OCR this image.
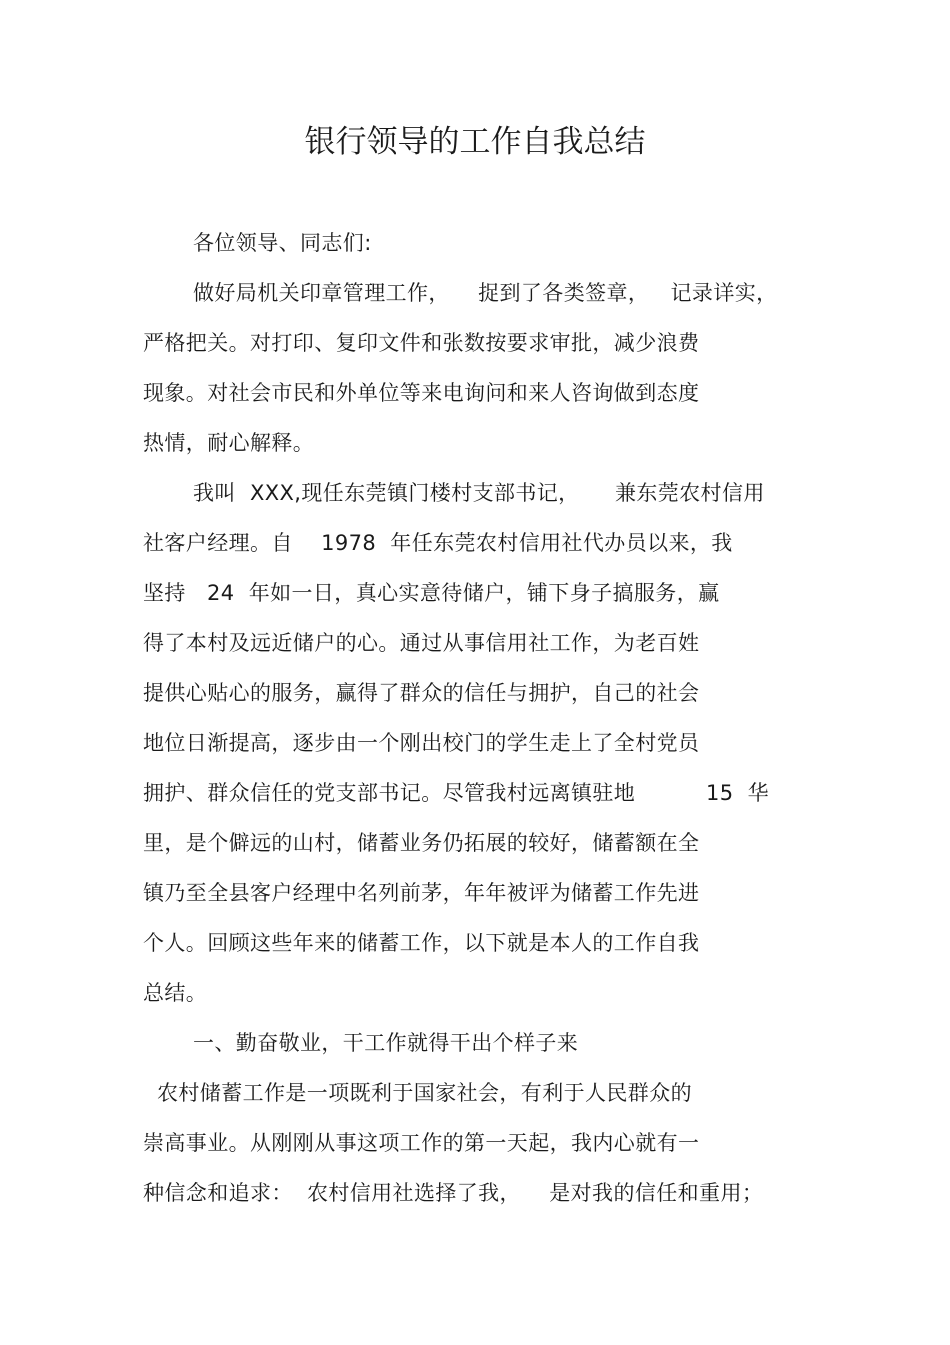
银行领导的工作自我总结
各位领导、同志们:
做好局机关印章管理工作，    捉到了各类签章，   记录详实，
严格把关。对打印、复印文件和张数按要求审批，减少浪费
现象。对社会市民和外单位等来电询问和来人咨询做到态度
热情，耐心解释。
我叫  XXX,现任东莞镇门楼村支部书记，     兼东莞农村信用
社客户经理。自    1978  年任东莞农村信用社代办员以来，我
坚持   24  年如一日，真心实意待储户，铺下身子搞服务，赢
得了本村及远近储户的心。通过从事信用社工作，为老百姓
提供心贴心的服务，赢得了群众的信任与拥护，自己的社会
地位日渐提高，逐步由一个刚出校门的学生走上了全村党员
拥护、群众信任的党支部书记。尽管我村远离镇驻地          15  华
里，是个僻远的山村，储蓄业务仍拓展的较好，储蓄额在全
镇乃至全县客户经理中名列前茅，年年被评为储蓄工作先进
个人。回顾这些年来的储蓄工作，以下就是本人的工作自我
总结。
一、勤奋敬业，干工作就得干出个样子来
农村储蓄工作是一项既利于国家社会，有利于人民群众的
崇高事业。从刚刚从事这项工作的第一天起，我内心就有一
种信念和追求：  农村信用社选择了我，    是对我的信任和重用；
